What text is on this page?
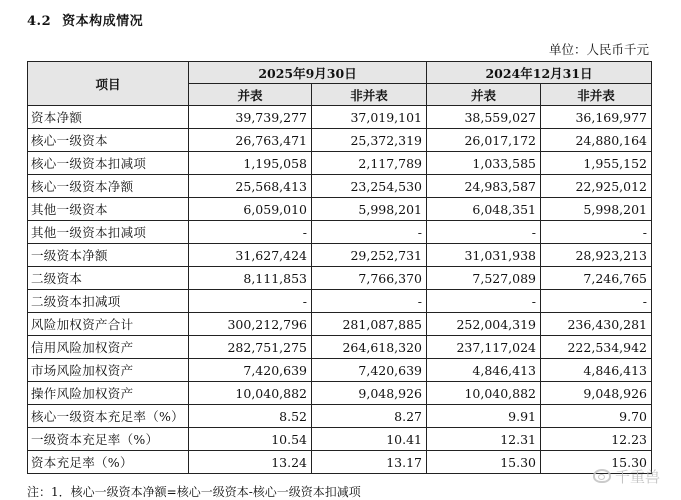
4.2 资本构成情况
单位：人民币千元
项目	2025年9月30日		2024年12月31日	
	并表	非并表	并表	非并表
资本净额	39,739,277	37,019,101	38,559,027	36,169,977
核心一级资本	26,763,471	25,372,319	26,017,172	24,880,164
核心一级资本扣减项	1,195,058	2,117,789	1,033,585	1,955,152
核心一级资本净额	25,568,413	23,254,530	24,983,587	22,925,012
其他一级资本	6,059,010	5,998,201	6,048,351	5,998,201
其他一级资本扣减项	-	-	-	-
一级资本净额	31,627,424	29,252,731	31,031,938	28,923,213
二级资本	8,111,853	7,766,370	7,527,089	7,246,765
二级资本扣减项	-	-	-	-
风险加权资产合计	300,212,796	281,087,885	252,004,319	236,430,281
信用风险加权资产	282,751,275	264,618,320	237,117,024	222,534,942
市场风险加权资产	7,420,639	7,420,639	4,846,413	4,846,413
操作风险加权资产	10,040,882	9,048,926	10,040,882	9,048,926
核心一级资本充足率（%）	8.52	8.27	9.91	9.70
一级资本充足率（%）	10.54	10.41	12.31	12.23
资本充足率（%）	13.24	13.17	15.30	15.30
注：1．核心一级资本净额=核心一级资本-核心一级资本扣减项
千重兽
